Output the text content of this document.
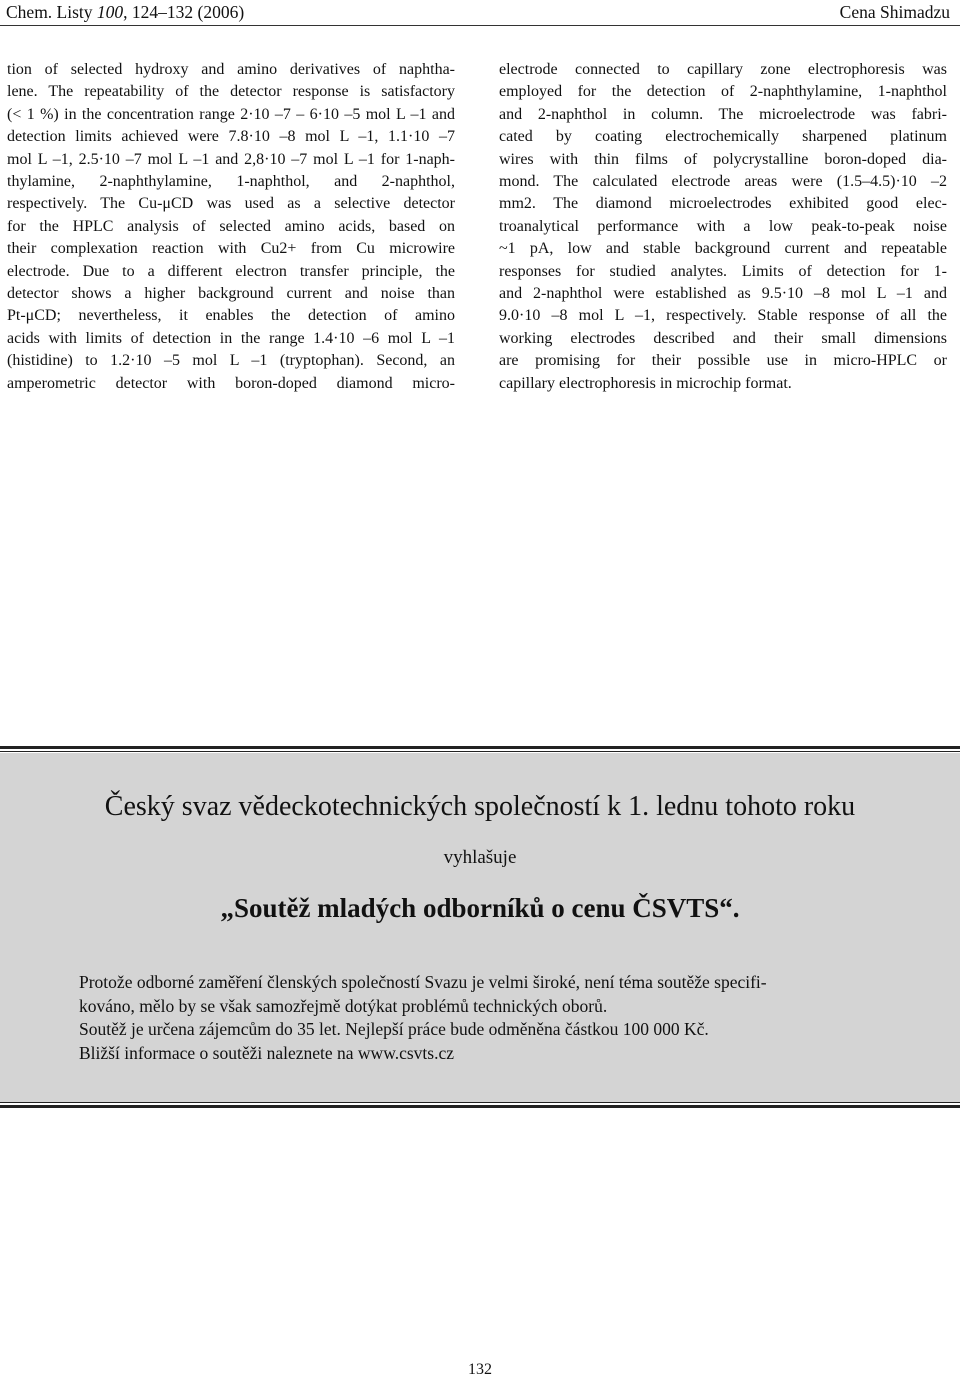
Chem. Listy 100, 124–132 (2006)	Cena Shimadzu

tion of selected hydroxy and amino derivatives of naphtha-
lene. The repeatability of the detector response is satisfactory
(< 1 %) in the concentration range 2·10 –7 – 6·10 –5 mol L –1 and
detection limits achieved were 7.8·10 –8 mol L –1, 1.1·10 –7
mol L –1, 2.5·10 –7 mol L –1 and 2,8·10 –7 mol L –1 for 1-naph-
thylamine, 2-naphthylamine, 1-naphthol, and 2-naphthol,
respectively. The Cu-μCD was used as a selective detector
for the HPLC analysis of selected amino acids, based on
their complexation reaction with Cu2+ from Cu microwire
electrode. Due to a different electron transfer principle, the
detector shows a higher background current and noise than
Pt-μCD; nevertheless, it enables the detection of amino
acids with limits of detection in the range 1.4·10 –6 mol L –1
(histidine) to 1.2·10 –5 mol L –1 (tryptophan). Second, an
amperometric detector with boron-doped diamond micro-

electrode connected to capillary zone electrophoresis was
employed for the detection of 2-naphthylamine, 1-naphthol
and 2-naphthol in column. The microelectrode was fabri-
cated by coating electrochemically sharpened platinum
wires with thin films of polycrystalline boron-doped dia-
mond. The calculated electrode areas were (1.5–4.5)·10 –2
mm2. The diamond microelectrodes exhibited good elec-
troanalytical performance with a low peak-to-peak noise
~1 pA, low and stable background current and repeatable
responses for studied analytes. Limits of detection for 1-
and 2-naphthol were established as 9.5·10 –8 mol L –1 and
9.0·10 –8 mol L –1, respectively. Stable response of all the
working electrodes described and their small dimensions
are promising for their possible use in micro-HPLC or
capillary electrophoresis in microchip format.

Český svaz vědeckotechnických společností k 1. lednu tohoto roku
vyhlašuje
„Soutěž mladých odborníků o cenu ČSVTS“.
Protože odborné zaměření členských společností Svazu je velmi široké, není téma soutěže specifi-
kováno, mělo by se však samozřejmě dotýkat problémů technických oborů.
Soutěž je určena zájemcům do 35 let. Nejlepší práce bude odměněna částkou 100 000 Kč.
Bližší informace o soutěži naleznete na www.csvts.cz
132
